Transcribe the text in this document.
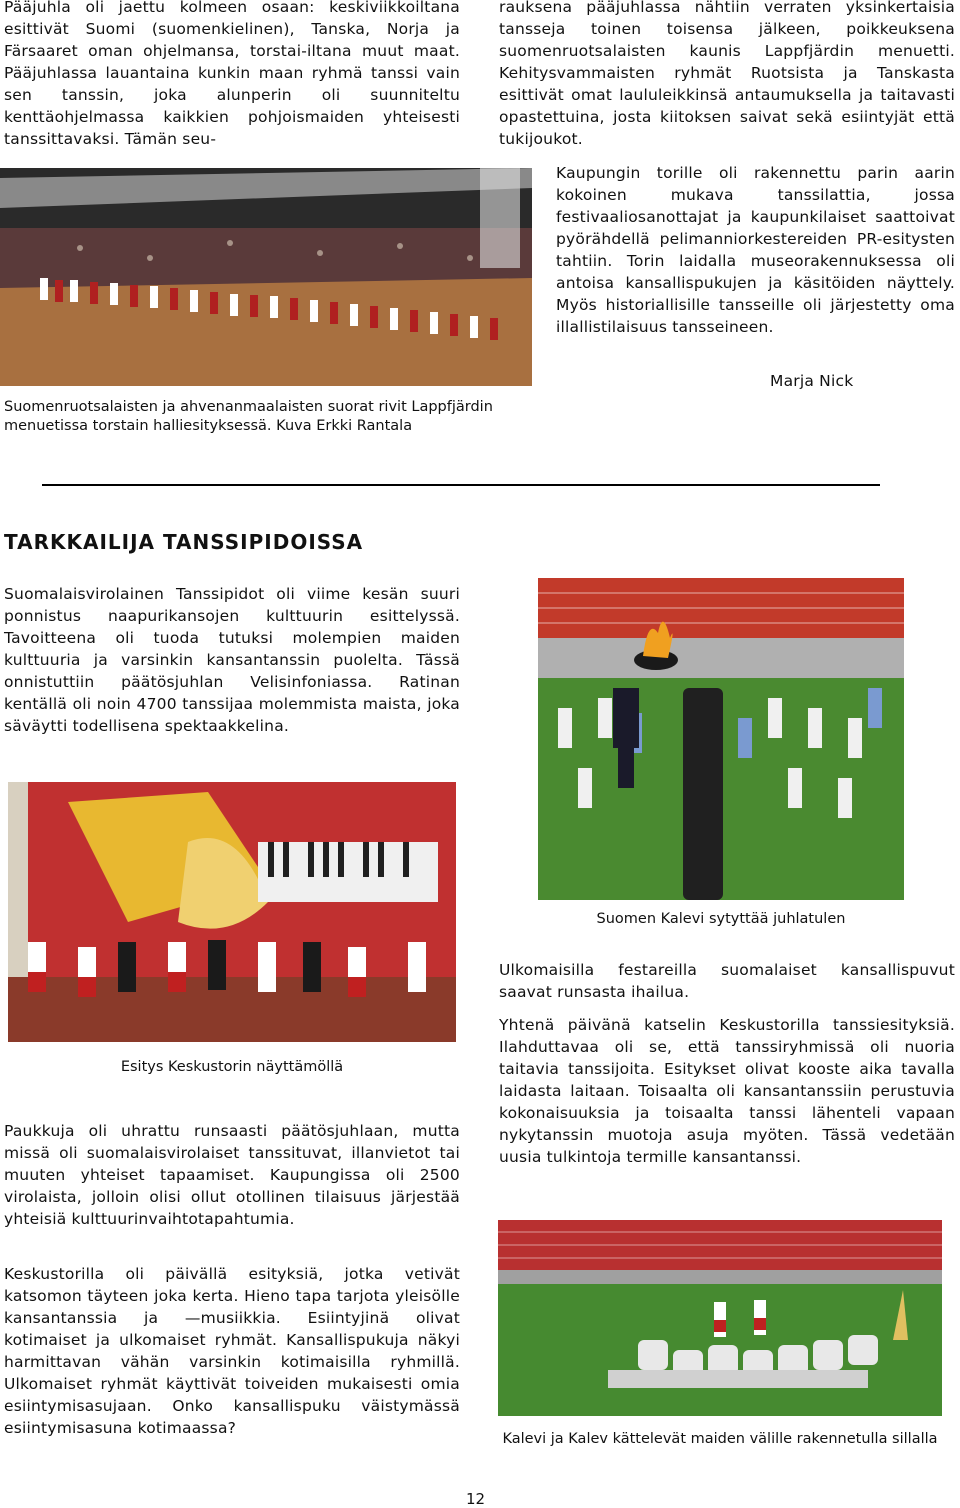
Pääjuhla oli jaettu kolmeen osaan: keskiviikkoiltana esittivät Suomi (suomenkielinen), Tanska, Norja ja Färsaaret oman ohjelmansa, torstai-iltana muut maat. Pääjuhlassa lauantaina kunkin maan ryhmä tanssi vain sen tanssin, joka alunperin oli suunniteltu kenttäohjelmassa kaikkien pohjoismaiden yhteisesti tanssittavaksi. Tämän seu-
rauksena pääjuhlassa nähtiin verraten yksinkertaisia tansseja toinen toisensa jälkeen, poikkeuksena suomenruotsalaisten kaunis Lappfjärdin menuetti. Kehitysvammaisten ryhmät Ruotsista ja Tanskasta esittivät omat laululeikkinsä antaumuksella ja taitavasti opastettuina, josta kiitoksen saivat sekä esiintyjät että tukijoukot.
Suomenruotsalaisten ja ahvenanmaalaisten suorat rivit Lappfjärdin menuetissa torstain halliesityksessä. Kuva Erkki Rantala
Kaupungin torille oli rakennettu parin aarin kokoinen mukava tanssilattia, jossa festivaaliosanottajat ja kaupunkilaiset saattoivat pyörähdellä pelimanniorkestereiden PR-esitysten tahtiin. Torin laidalla museorakennuksessa oli antoisa kansallispukujen ja käsitöiden näyttely. Myös historiallisille tansseille oli järjestetty oma illallistilaisuus tansseineen.
Marja Nick
TARKKAILIJA TANSSIPIDOISSA
Suomalaisvirolainen Tanssipidot oli viime kesän suuri ponnistus naapurikansojen kulttuurin esittelyssä. Tavoitteena oli tuoda tutuksi molempien maiden kulttuuria ja varsinkin kansantanssin puolelta. Tässä onnistuttiin päätösjuhlan Velisinfoniassa. Ratinan kentällä oli noin 4700 tanssijaa molemmista maista, joka säväytti todellisena spektaakkelina.
Suomen Kalevi sytyttää juhlatulen
Esitys Keskustorin näyttämöllä
Ulkomaisilla festareilla suomalaiset kansallispuvut saavat runsasta ihailua.
Yhtenä päivänä katselin Keskustorilla tanssiesityksiä. Ilahduttavaa oli se, että tanssiryhmissä oli nuoria taitavia tanssijoita. Esitykset olivat kooste aika tavalla laidasta laitaan. Toisaalta oli kansantanssiin perustuvia kokonaisuuksia ja toisaalta tanssi lähenteli vapaan nykytanssin muotoja asuja myöten. Tässä vedetään uusia tulkintoja termille kansantanssi.
Paukkuja oli uhrattu runsaasti päätösjuhlaan, mutta missä oli suomalaisvirolaiset tanssituvat, illanvietot tai muuten yhteiset tapaamiset. Kaupungissa oli 2500 virolaista, jolloin olisi ollut otollinen tilaisuus järjestää yhteisiä kulttuurinvaihtotapahtumia.
Keskustorilla oli päivällä esityksiä, jotka vetivät katsomon täyteen joka kerta. Hieno tapa tarjota yleisölle kansantanssia ja —musiikkia. Esiintyjinä olivat kotimaiset ja ulkomaiset ryhmät. Kansallispukuja näkyi harmittavan vähän varsinkin kotimaisilla ryhmillä. Ulkomaiset ryhmät käyttivät toiveiden mukaisesti omia esiintymisasujaan. Onko kansallispuku väistymässä esiintymisasuna kotimaassa?
Kalevi ja Kalev kättelevät maiden välille rakennetulla sillalla
12
